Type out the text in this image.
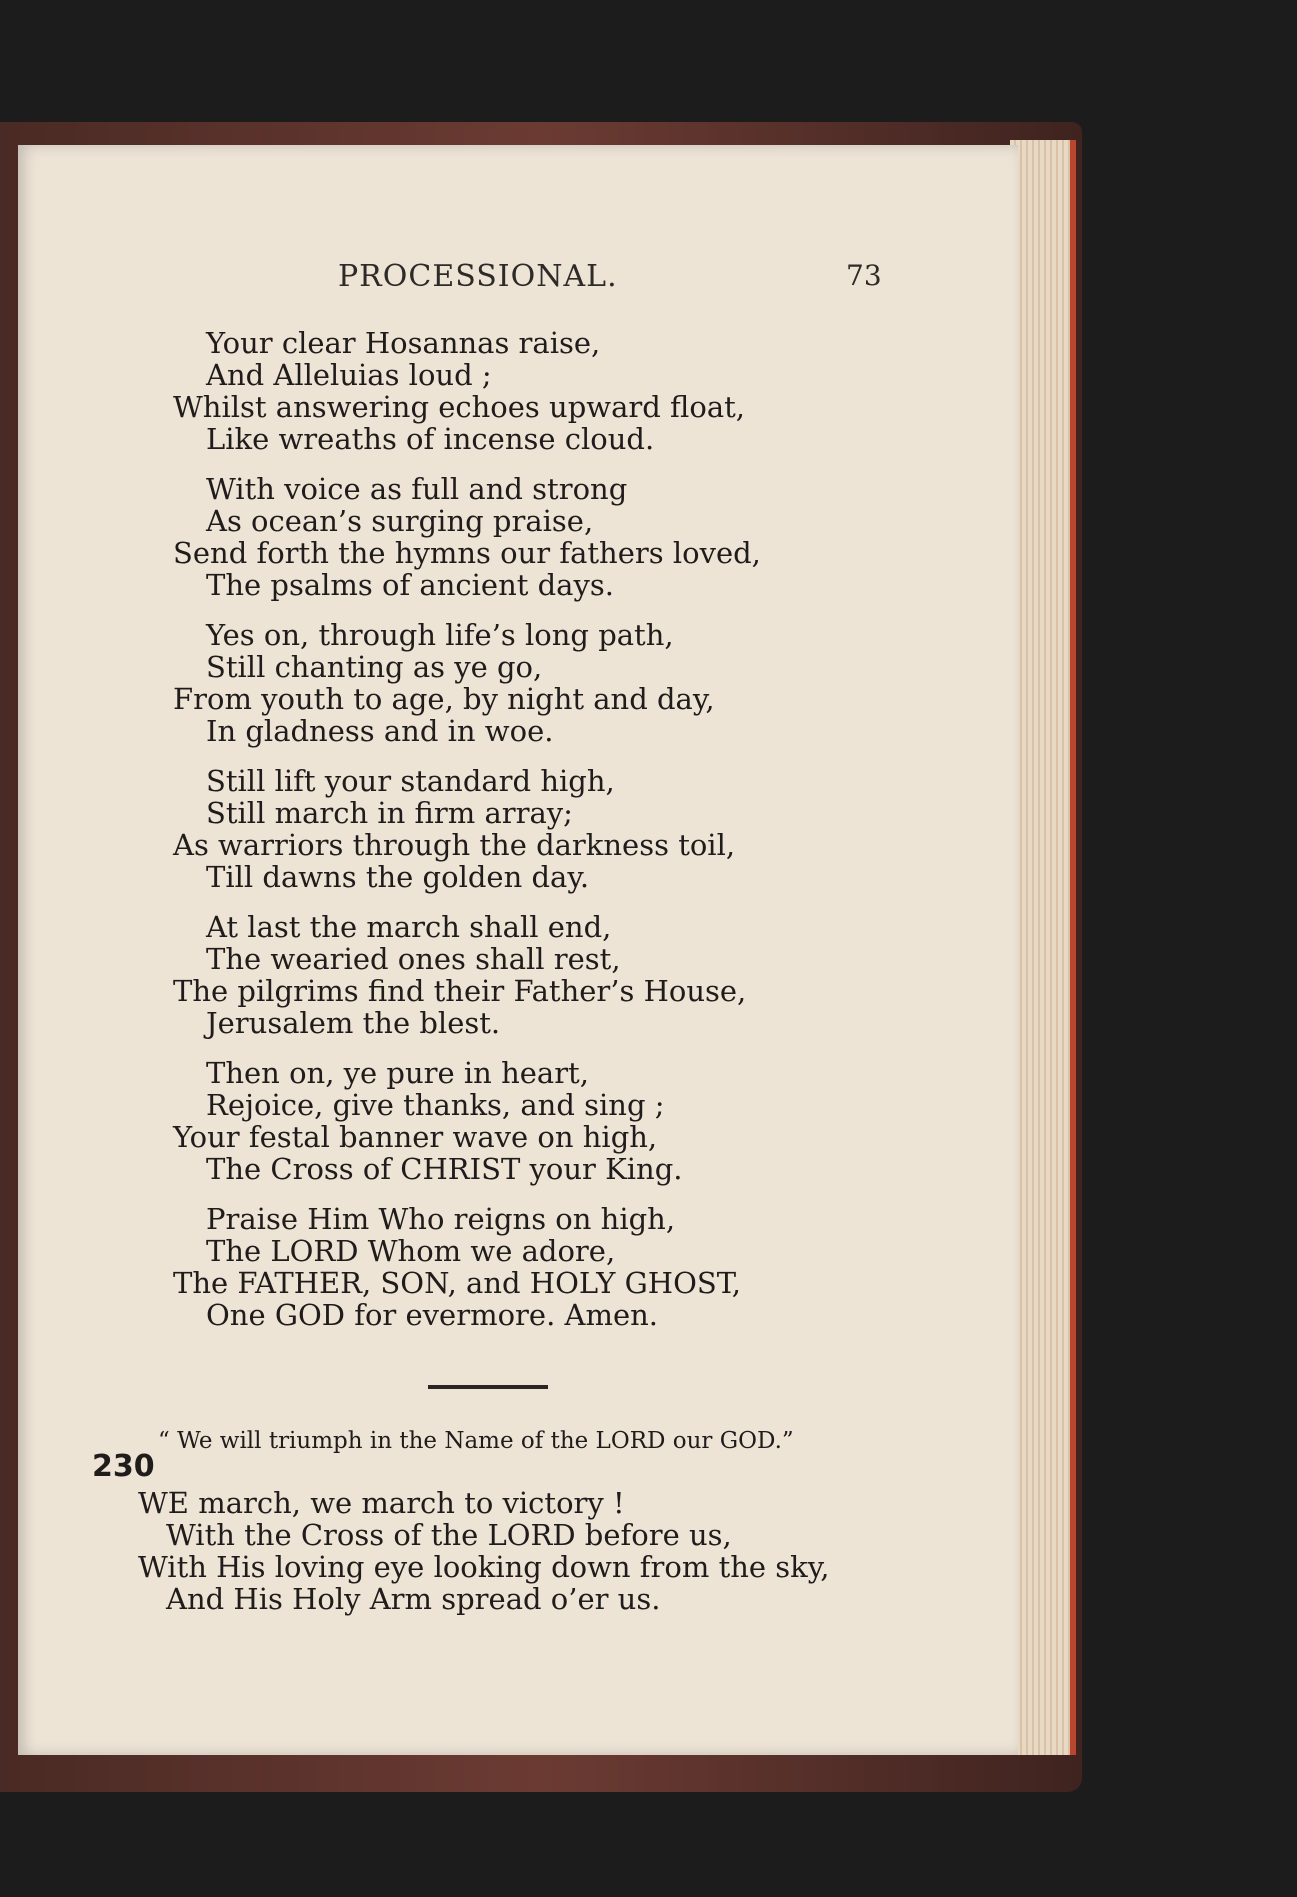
PROCESSIONAL.	73
Your clear Hosannas raise,
And Alleluias loud ;
Whilst answering echoes upward float,
Like wreaths of incense cloud.
With voice as full and strong
As ocean’s surging praise,
Send forth the hymns our fathers loved,
The psalms of ancient days.
Yes on, through life’s long path,
Still chanting as ye go,
From youth to age, by night and day,
In gladness and in woe.
Still lift your standard high,
Still march in firm array;
As warriors through the darkness toil,
Till dawns the golden day.
At last the march shall end,
The wearied ones shall rest,
The pilgrims find their Father’s House,
Jerusalem the blest.
Then on, ye pure in heart,
Rejoice, give thanks, and sing ;
Your festal banner wave on high,
The Cross of CHRIST your King.
Praise Him Who reigns on high,
The LORD Whom we adore,
The FATHER, SON, and HOLY GHOST,
One GOD for evermore. Amen.
“ We will triumph in the Name of the LORD our GOD.”
230
WE march, we march to victory !
With the Cross of the LORD before us,
With His loving eye looking down from the sky,
And His Holy Arm spread o’er us.
